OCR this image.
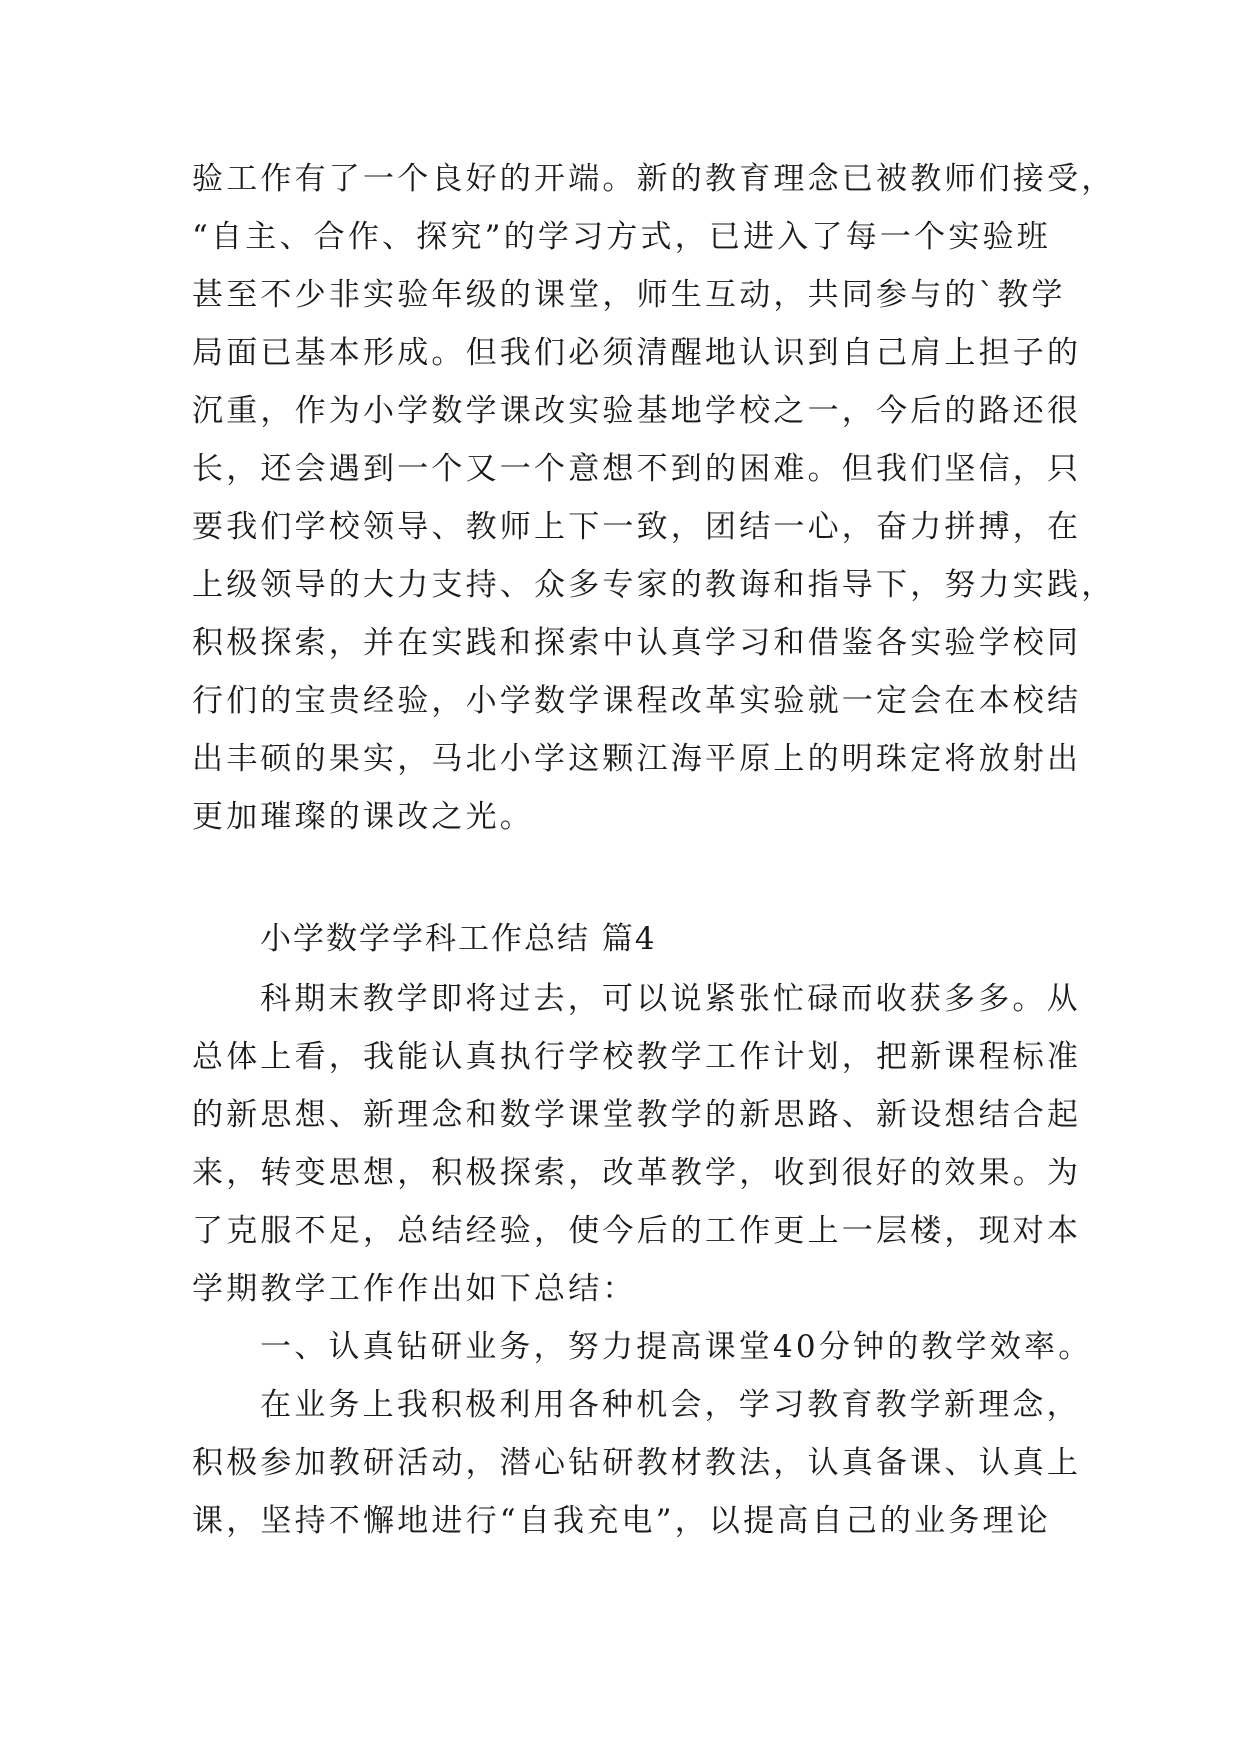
验工作有了一个良好的开端。新的教育理念已被教师们接受，
“自主、合作、探究”的学习方式，已进入了每一个实验班
甚至不少非实验年级的课堂，师生互动，共同参与的`教学
局面已基本形成。但我们必须清醒地认识到自己肩上担子的
沉重，作为小学数学课改实验基地学校之一，今后的路还很
长，还会遇到一个又一个意想不到的困难。但我们坚信，只
要我们学校领导、教师上下一致，团结一心，奋力拼搏，在
上级领导的大力支持、众多专家的教诲和指导下，努力实践，
积极探索，并在实践和探索中认真学习和借鉴各实验学校同
行们的宝贵经验，小学数学课程改革实验就一定会在本校结
出丰硕的果实，马北小学这颗江海平原上的明珠定将放射出
更加璀璨的课改之光。
小学数学学科工作总结 篇4
科期末教学即将过去，可以说紧张忙碌而收获多多。从
总体上看，我能认真执行学校教学工作计划，把新课程标准
的新思想、新理念和数学课堂教学的新思路、新设想结合起
来，转变思想，积极探索，改革教学，收到很好的效果。为
了克服不足，总结经验，使今后的工作更上一层楼，现对本
学期教学工作作出如下总结：
一、认真钻研业务，努力提高课堂40分钟的教学效率。
在业务上我积极利用各种机会，学习教育教学新理念，
积极参加教研活动，潜心钻研教材教法，认真备课、认真上
课，坚持不懈地进行“自我充电”，以提高自己的业务理论
